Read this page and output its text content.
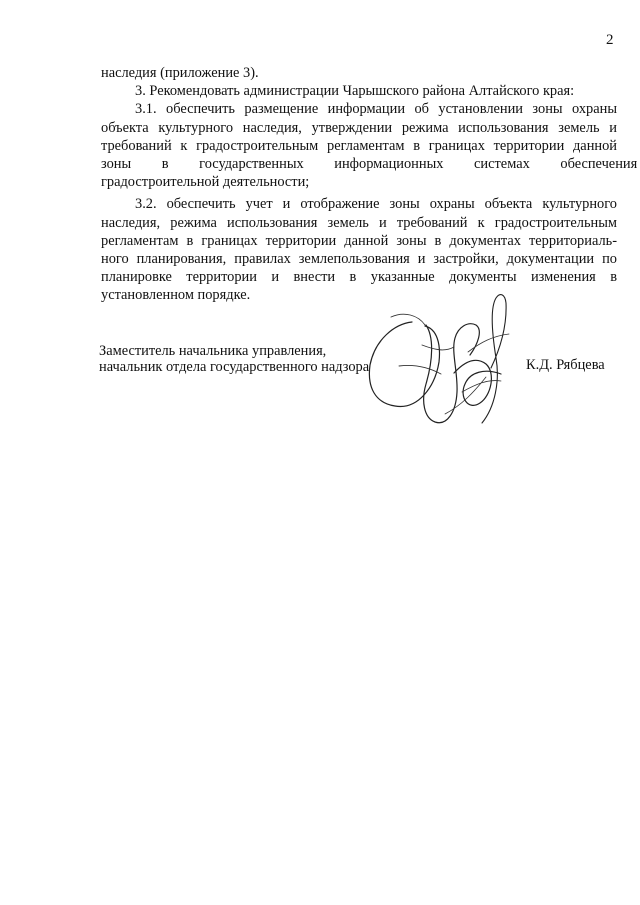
2
наследия (приложение 3).
3. Рекомендовать администрации Чарышского района Алтайского края:
3.1. обеспечить размещение информации об установлении зоны охраны
объекта культурного наследия, утверждении режима использования земель и
требований к градостроительным регламентам в границах территории данной
зоны в государственных информационных системах обеспечения
градостроительной деятельности;
3.2. обеспечить учет и отображение зоны охраны объекта культурного
наследия, режима использования земель и требований к градостроительным
регламентам в границах территории данной зоны в документах территориаль-
ного планирования, правилах землепользования и застройки, документации по
планировке территории и внести в указанные документы изменения в
установленном порядке.
Заместитель начальника управления,
начальник отдела государственного надзора	К.Д. Рябцева
